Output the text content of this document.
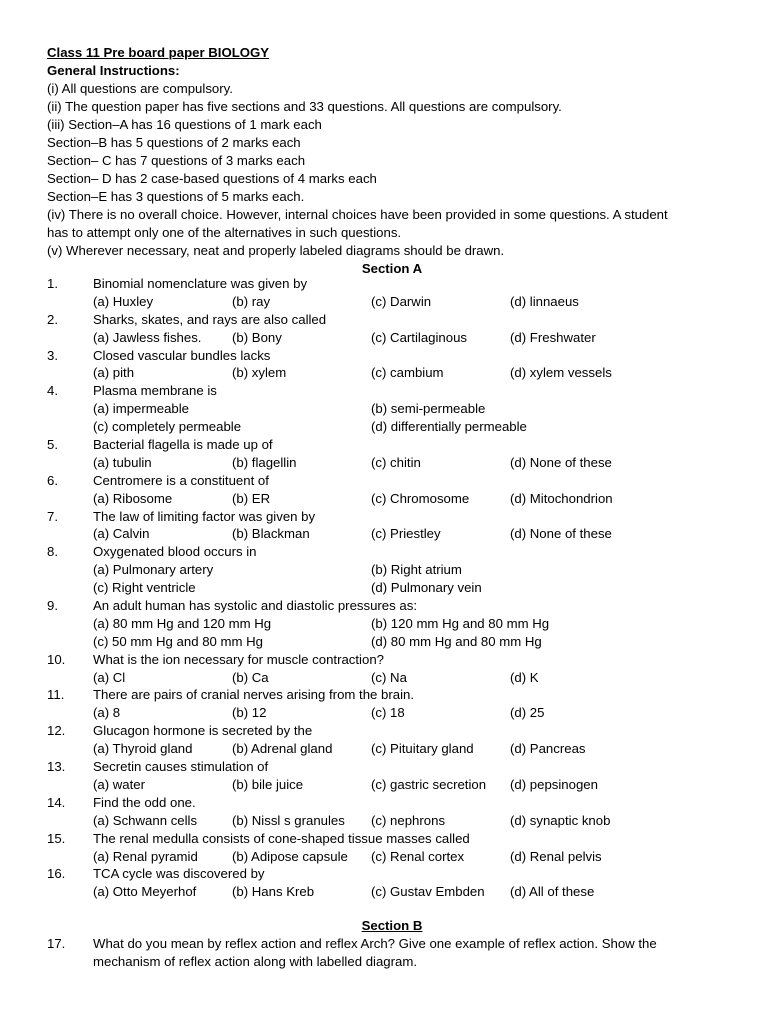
Class 11 Pre board paper BIOLOGY
General Instructions:
(i) All questions are compulsory.
(ii) The question paper has five sections and 33 questions. All questions are compulsory.
(iii) Section–A has 16 questions of 1 mark each
Section–B has 5 questions of 2 marks each
Section– C has 7 questions of 3 marks each
Section– D has 2 case-based questions of 4 marks each
Section–E has 3 questions of 5 marks each.
(iv) There is no overall choice. However, internal choices have been provided in some questions. A student
has to attempt only one of the alternatives in such questions.
(v) Wherever necessary, neat and properly labeled diagrams should be drawn.
Section A
1.	Binomial nomenclature was given by
(a) Huxley	(b) ray	(c) Darwin	(d) linnaeus
2.	Sharks, skates, and rays are also called
(a) Jawless fishes. (b) Bony	(c) Cartilaginous	(d) Freshwater
3.	Closed vascular bundles lacks
(a) pith	(b) xylem	(c) cambium	(d) xylem vessels
4.	Plasma membrane is
(a) impermeable	(b) semi-permeable
(c) completely permeable	(d) differentially permeable
5.	Bacterial flagella is made up of
(a) tubulin	(b) flagellin	(c) chitin	(d) None of these
6.	Centromere is a constituent of
(a) Ribosome	(b) ER	(c) Chromosome	(d) Mitochondrion
7.	The law of limiting factor was given by
(a) Calvin	(b) Blackman	(c) Priestley	(d) None of these
8.	Oxygenated blood occurs in
(a) Pulmonary artery	(b) Right atrium
(c) Right ventricle	(d) Pulmonary vein
9.	An adult human has systolic and diastolic pressures as:
(a) 80 mm Hg and 120 mm Hg	(b) 120 mm Hg and 80 mm Hg
(c) 50 mm Hg and 80 mm Hg	(d) 80 mm Hg and 80 mm Hg
10. What is the ion necessary for muscle contraction?
(a) Cl	(b) Ca	(c) Na	(d) K
11. There are pairs of cranial nerves arising from the brain.
(a) 8	(b) 12	(c) 18	(d) 25
12. Glucagon hormone is secreted by the
(a) Thyroid gland	(b) Adrenal gland	(c) Pituitary gland	(d) Pancreas
13. Secretin causes stimulation of
(a) water	(b) bile juice	(c) gastric secretion (d) pepsinogen
14. Find the odd one.
(a) Schwann cells	(b) Nissl s granules (c) nephrons	(d) synaptic knob
15. The renal medulla consists of cone-shaped tissue masses called
(a) Renal pyramid	(b) Adipose capsule (c) Renal cortex	(d) Renal pelvis
16. TCA cycle was discovered by
(a) Otto Meyerhof	(b) Hans Kreb	(c) Gustav Embden (d) All of these
Section B
17. What do you mean by reflex action and reflex Arch? Give one example of reflex action. Show the
mechanism of reflex action along with labelled diagram.
